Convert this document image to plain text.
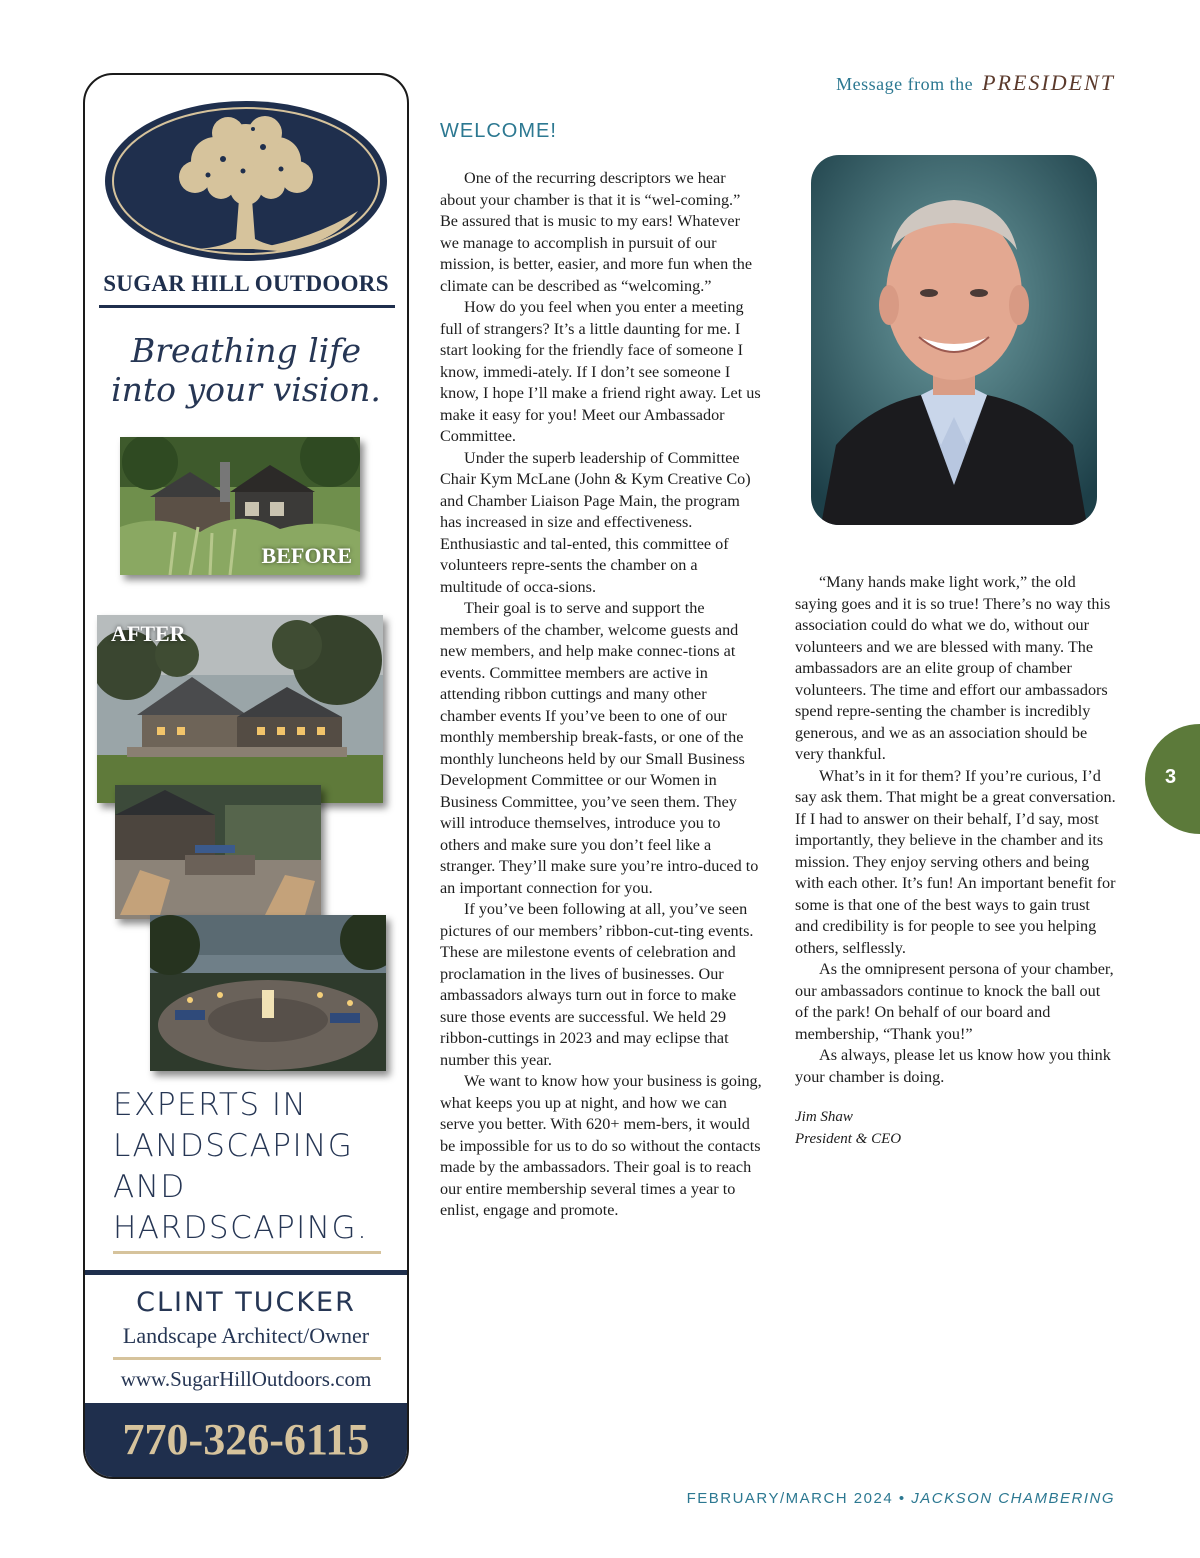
Message from the PRESIDENT
SUGAR HILL OUTDOORS
Breathing life
into your vision.
BEFORE
AFTER
EXPERTS IN
LANDSCAPING
AND
HARDSCAPING.
CLINT TUCKER
Landscape Architect/Owner
www.SugarHillOutdoors.com
770-326-6115
WELCOME!

One of the recurring descriptors we hear about your chamber is that it is “wel-coming.” Be assured that is music to my ears! Whatever we manage to accomplish in pursuit of our mission, is better, easier, and more fun when the climate can be described as “welcoming.”

How do you feel when you enter a meeting full of strangers? It’s a little daunting for me. I start looking for the friendly face of someone I know, immedi-ately. If I don’t see someone I know, I hope I’ll make a friend right away. Let us make it easy for you! Meet our Ambassador Committee.

Under the superb leadership of Committee Chair Kym McLane (John & Kym Creative Co) and Chamber Liaison Page Main, the program has increased in size and effectiveness. Enthusiastic and tal-ented, this committee of volunteers repre-sents the chamber on a multitude of occa-sions.

Their goal is to serve and support the members of the chamber, welcome guests and new members, and help make connec-tions at events. Committee members are active in attending ribbon cuttings and many other chamber events If you’ve been to one of our monthly membership break-fasts, or one of the monthly luncheons held by our Small Business Development Committee or our Women in Business Committee, you’ve seen them. They will introduce themselves, introduce you to others and make sure you don’t feel like a stranger. They’ll make sure you’re intro-duced to an important connection for you.

If you’ve been following at all, you’ve seen pictures of our members’ ribbon-cut-ting events. These are milestone events of celebration and proclamation in the lives of businesses. Our ambassadors always turn out in force to make sure those events are successful. We held 29 ribbon-cuttings in 2023 and may eclipse that number this year.

We want to know how your business is going, what keeps you up at night, and how we can serve you better. With 620+ mem-bers, it would be impossible for us to do so without the contacts made by the ambassadors. Their goal is to reach our entire membership several times a year to enlist, engage and promote.

“Many hands make light work,” the old saying goes and it is so true! There’s no way this association could do what we do, without our volunteers and we are blessed with many. The ambassadors are an elite group of chamber volunteers. The time and effort our ambassadors spend repre-senting the chamber is incredibly generous, and we as an association should be very thankful.

What’s in it for them? If you’re curious, I’d say ask them. That might be a great conversation. If I had to answer on their behalf, I’d say, most importantly, they believe in the chamber and its mission. They enjoy serving others and being with each other. It’s fun! An important benefit for some is that one of the best ways to gain trust and credibility is for people to see you helping others, selflessly.

As the omnipresent persona of your chamber, our ambassadors continue to knock the ball out of the park! On behalf of our board and membership, “Thank you!”

As always, please let us know how you think your chamber is doing.

Jim Shaw
President & CEO

3
FEBRUARY/MARCH 2024 • JACKSON CHAMBERING
